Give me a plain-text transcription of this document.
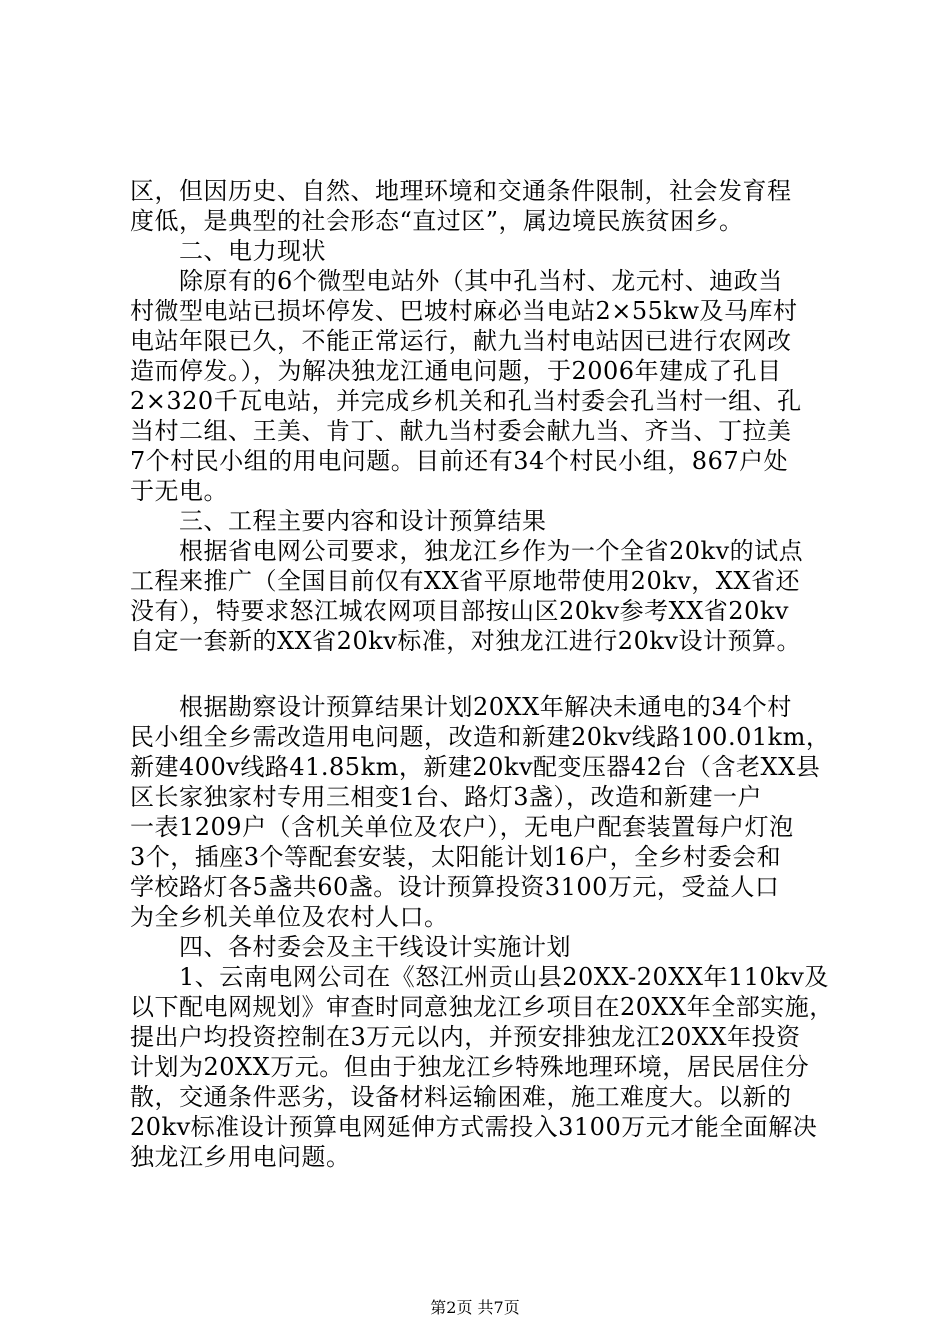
区，但因历史、自然、地理环境和交通条件限制，社会发育程
度低，是典型的社会形态“直过区”，属边境民族贫困乡。
　　二、电力现状
　　除原有的6个微型电站外（其中孔当村、龙元村、迪政当
村微型电站已损坏停发、巴坡村麻必当电站2×55kw及马库村
电站年限已久，不能正常运行，献九当村电站因已进行农网改
造而停发。），为解决独龙江通电问题，于2006年建成了孔目
2×320千瓦电站，并完成乡机关和孔当村委会孔当村一组、孔
当村二组、王美、肯丁、献九当村委会献九当、齐当、丁拉美
7个村民小组的用电问题。目前还有34个村民小组，867户处
于无电。
　　三、工程主要内容和设计预算结果
　　根据省电网公司要求，独龙江乡作为一个全省20kv的试点
工程来推广（全国目前仅有XX省平原地带使用20kv，XX省还
没有），特要求怒江城农网项目部按山区20kv参考XX省20kv
自定一套新的XX省20kv标准，对独龙江进行20kv设计预算。
　　根据勘察设计预算结果计划20XX年解决未通电的34个村
民小组全乡需改造用电问题，改造和新建20kv线路100.01km，
新建400v线路41.85km，新建20kv配变压器42台（含老XX县
区长家独家村专用三相变1台、路灯3盏），改造和新建一户
一表1209户（含机关单位及农户），无电户配套装置每户灯泡
3个，插座3个等配套安装，太阳能计划16户，全乡村委会和
学校路灯各5盏共60盏。设计预算投资3100万元，受益人口
为全乡机关单位及农村人口。
　　四、各村委会及主干线设计实施计划
　　1、云南电网公司在《怒江州贡山县20XX-20XX年110kv及
以下配电网规划》审查时同意独龙江乡项目在20XX年全部实施，
提出户均投资控制在3万元以内，并预安排独龙江20XX年投资
计划为20XX万元。但由于独龙江乡特殊地理环境，居民居住分
散，交通条件恶劣，设备材料运输困难，施工难度大。以新的
20kv标准设计预算电网延伸方式需投入3100万元才能全面解决
独龙江乡用电问题。
第2页 共7页
